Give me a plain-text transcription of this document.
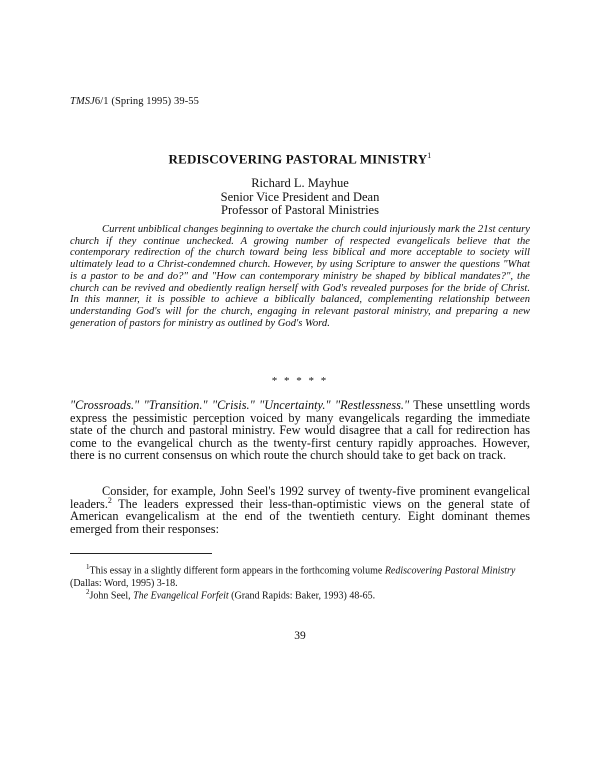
TMSJ6/1 (Spring 1995) 39-55
REDISCOVERING PASTORAL MINISTRY$^1$
Richard L. Mayhue
Senior Vice President and Dean
Professor of Pastoral Ministries

Current unbiblical changes beginning to overtake the church could injuriously mark the 21st century church if they continue unchecked. A growing number of respected evangelicals believe that the contemporary redirection of the church toward being less biblical and more acceptable to society will ultimately lead to a Christ-condemned church. However, by using Scripture to answer the questions "What is a pastor to be and do?" and "How can contemporary ministry be shaped by biblical mandates?", the church can be revived and obediently realign herself with God's revealed purposes for the bride of Christ. In this manner, it is possible to achieve a biblically balanced, complementing relationship between understanding God's will for the church, engaging in relevant pastoral ministry, and preparing a new generation of pastors for ministry as outlined by God's Word.

* * * * *

"Crossroads." "Transition." "Crisis." "Uncertainty." "Restlessness." These unsettling words express the pessimistic perception voiced by many evangelicals regarding the immediate state of the church and pastoral ministry. Few would disagree that a call for redirection has come to the evangelical church as the twenty-first century rapidly approaches. However, there is no current consensus on which route the church should take to get back on track.

Consider, for example, John Seel's 1992 survey of twenty-five prominent evangelical leaders.$^2$ The leaders expressed their less-than-optimistic views on the general state of American evangelicalism at the end of the twentieth century. Eight dominant themes emerged from their responses:

$^1$This essay in a slightly different form appears in the forthcoming volume Rediscovering Pastoral Ministry (Dallas: Word, 1995) 3-18.

$^2$John Seel, The Evangelical Forfeit (Grand Rapids: Baker, 1993) 48-65.

39
